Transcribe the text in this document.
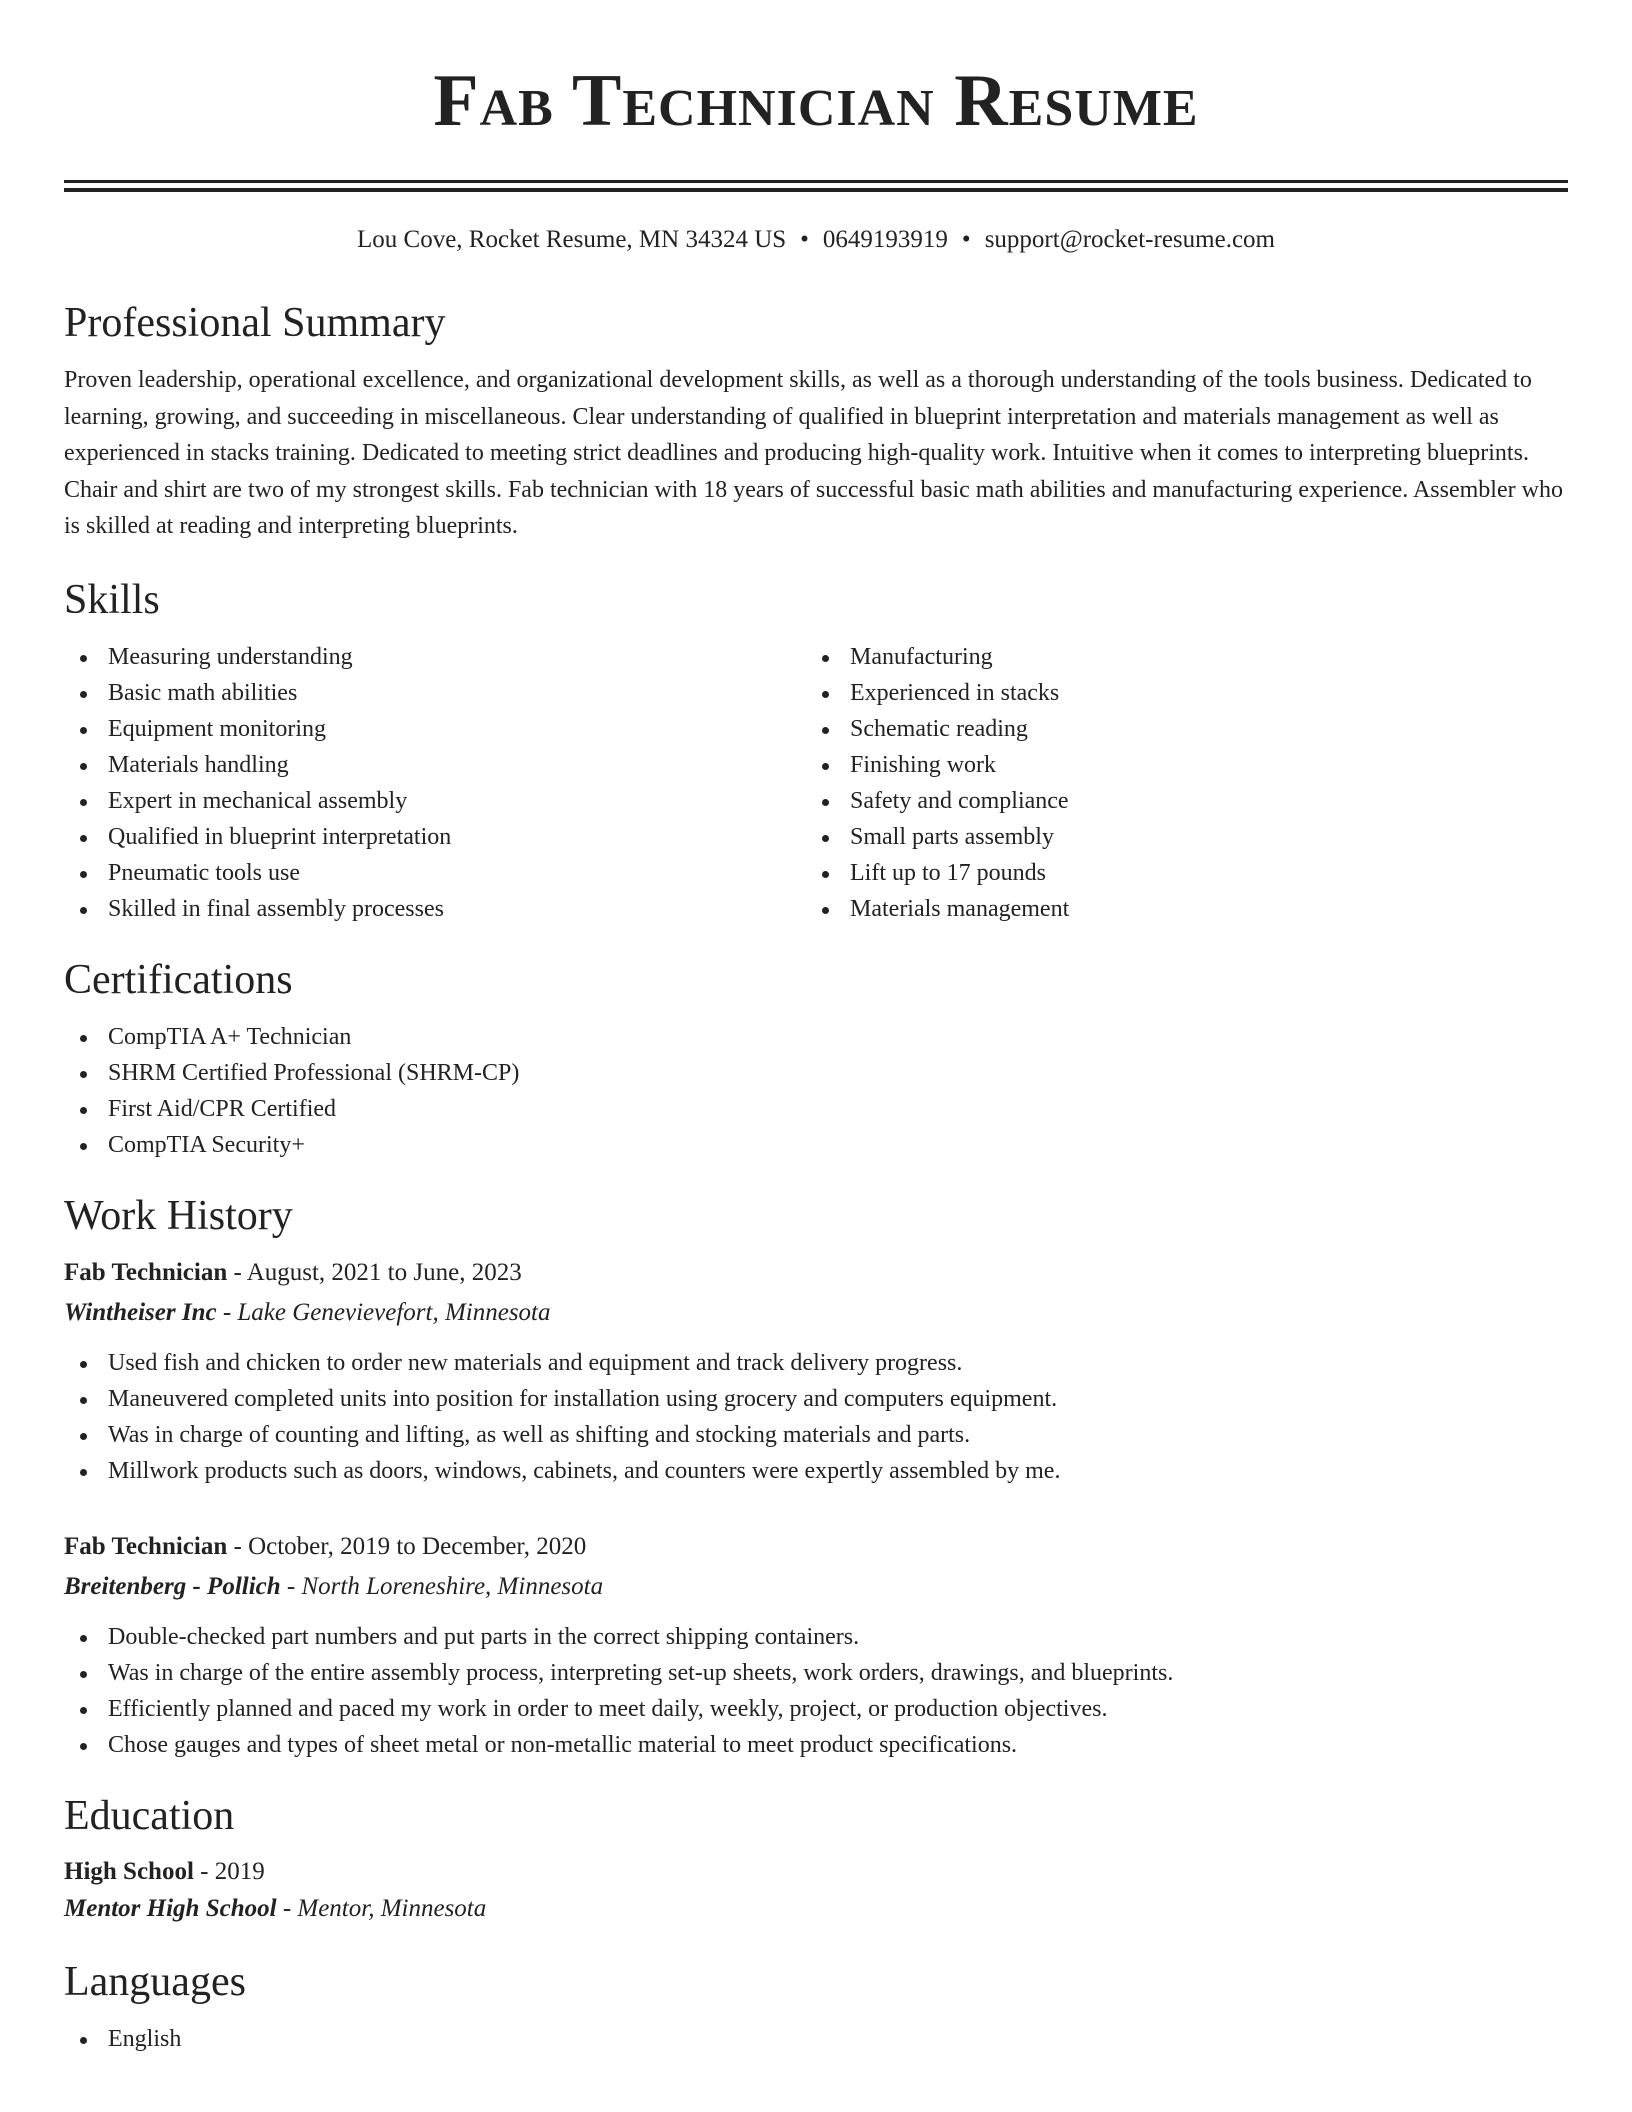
Fab Technician Resume
Lou Cove, Rocket Resume, MN 34324 US • 0649193919 • support@rocket-resume.com
Professional Summary

Proven leadership, operational excellence, and organizational development skills, as well as a thorough understanding of the tools business. Dedicated to learning, growing, and succeeding in miscellaneous. Clear understanding of qualified in blueprint interpretation and materials management as well as experienced in stacks training. Dedicated to meeting strict deadlines and producing high-quality work. Intuitive when it comes to interpreting blueprints. Chair and shirt are two of my strongest skills. Fab technician with 18 years of successful basic math abilities and manufacturing experience. Assembler who is skilled at reading and interpreting blueprints.

Skills
Measuring understanding
Basic math abilities
Equipment monitoring
Materials handling
Expert in mechanical assembly
Qualified in blueprint interpretation
Pneumatic tools use
Skilled in final assembly processes
Manufacturing
Experienced in stacks
Schematic reading
Finishing work
Safety and compliance
Small parts assembly
Lift up to 17 pounds
Materials management
Certifications
CompTIA A+ Technician
SHRM Certified Professional (SHRM-CP)
First Aid/CPR Certified
CompTIA Security+
Work History
Fab Technician - August, 2021 to June, 2023
Wintheiser Inc - Lake Genevievefort, Minnesota
Used fish and chicken to order new materials and equipment and track delivery progress.
Maneuvered completed units into position for installation using grocery and computers equipment.
Was in charge of counting and lifting, as well as shifting and stocking materials and parts.
Millwork products such as doors, windows, cabinets, and counters were expertly assembled by me.
Fab Technician - October, 2019 to December, 2020
Breitenberg - Pollich - North Loreneshire, Minnesota
Double-checked part numbers and put parts in the correct shipping containers.
Was in charge of the entire assembly process, interpreting set-up sheets, work orders, drawings, and blueprints.
Efficiently planned and paced my work in order to meet daily, weekly, project, or production objectives.
Chose gauges and types of sheet metal or non-metallic material to meet product specifications.
Education
High School - 2019
Mentor High School - Mentor, Minnesota
Languages
English
